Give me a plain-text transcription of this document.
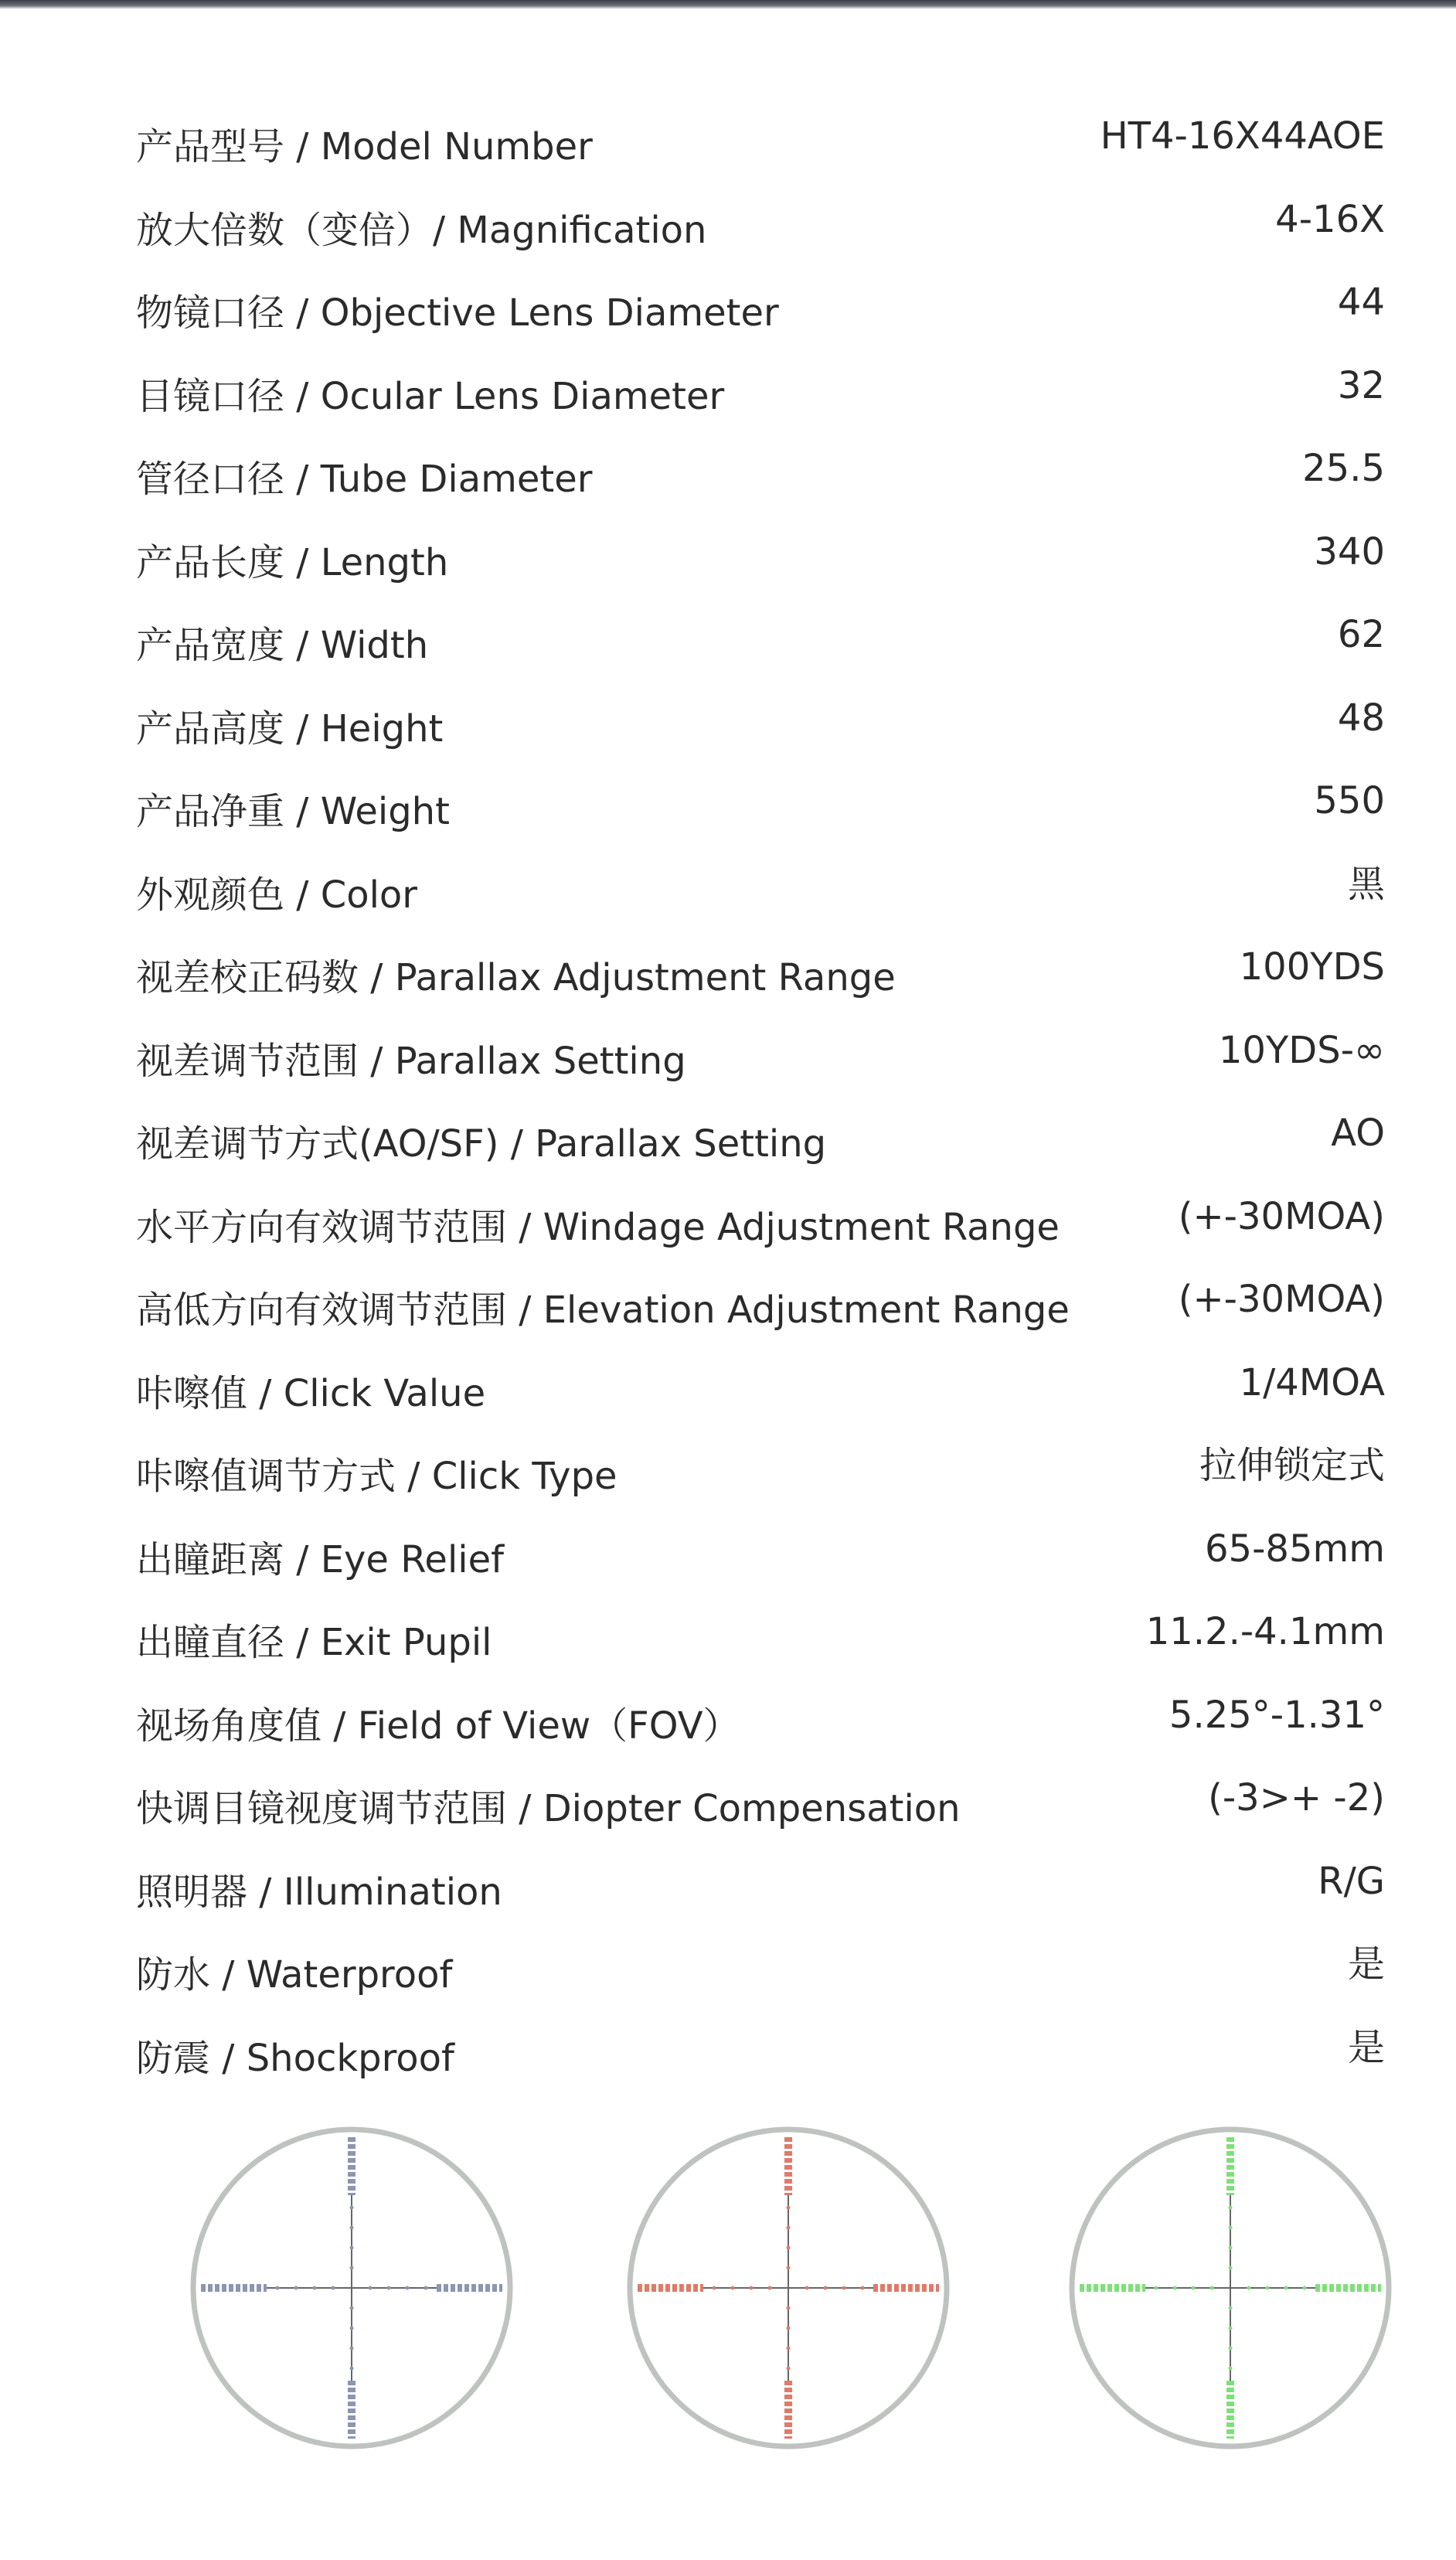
产品型号 / Model Number	HT4-16X44AOE
放大倍数（变倍）/ Magnification	4-16X
物镜口径 / Objective Lens Diameter	44
目镜口径 / Ocular Lens Diameter	32
管径口径 / Tube Diameter	25.5
产品长度 / Length	340
产品宽度 / Width	62
产品高度 / Height	48
产品净重 / Weight	550
外观颜色 / Color	黑
视差校正码数 / Parallax Adjustment Range	100YDS
视差调节范围 / Parallax Setting	10YDS-∞
视差调节方式(AO/SF) / Parallax Setting	AO
水平方向有效调节范围 / Windage Adjustment Range	(+-30MOA)
高低方向有效调节范围 / Elevation Adjustment Range	(+-30MOA)
咔嚓值 / Click Value	1/4MOA
咔嚓值调节方式 / Click Type	拉伸锁定式
出瞳距离 / Eye Relief	65-85mm
出瞳直径 / Exit Pupil	11.2.-4.1mm
视场角度值 / Field of View（FOV）	5.25°-1.31°
快调目镜视度调节范围 / Diopter Compensation	(-3>+ -2)
照明器 / Illumination	R/G
防水 / Waterproof	是
防震 / Shockproof	是
